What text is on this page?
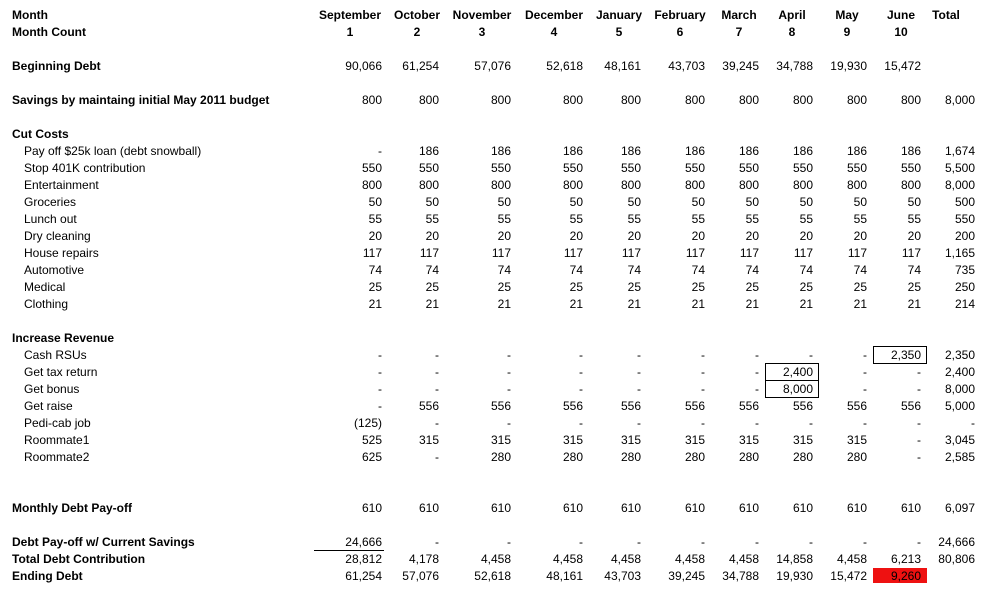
Month	September	October	November	December	January	February	March	April	May	June	Total
Month Count	1	2	3	4	5	6	7	8	9	10
Beginning Debt	90,066	61,254	57,076	52,618	48,161	43,703	39,245	34,788	19,930	15,472
Savings by maintaing initial May 2011 budget	800	800	800	800	800	800	800	800	800	800	8,000
Cut Costs
Pay off $25k loan (debt snowball)	-	186	186	186	186	186	186	186	186	186	1,674
Stop 401K contribution	550	550	550	550	550	550	550	550	550	550	5,500
Entertainment	800	800	800	800	800	800	800	800	800	800	8,000
Groceries	50	50	50	50	50	50	50	50	50	50	500
Lunch out	55	55	55	55	55	55	55	55	55	55	550
Dry cleaning	20	20	20	20	20	20	20	20	20	20	200
House repairs	117	117	117	117	117	117	117	117	117	117	1,165
Automotive	74	74	74	74	74	74	74	74	74	74	735
Medical	25	25	25	25	25	25	25	25	25	25	250
Clothing	21	21	21	21	21	21	21	21	21	21	214
Increase Revenue
Cash RSUs	-	-	-	-	-	-	-	-	-	2,350	2,350
Get tax return	-	-	-	-	-	-	-	2,400	-	-	2,400
Get bonus	-	-	-	-	-	-	-	8,000	-	-	8,000
Get raise	-	556	556	556	556	556	556	556	556	556	5,000
Pedi-cab job	(125)	-	-	-	-	-	-	-	-	-	-
Roommate1	525	315	315	315	315	315	315	315	315	-	3,045
Roommate2	625	-	280	280	280	280	280	280	280	-	2,585
Monthly Debt Pay-off	610	610	610	610	610	610	610	610	610	610	6,097
Debt Pay-off w/ Current Savings	24,666	-	-	-	-	-	-	-	-	-	24,666
Total Debt Contribution	28,812	4,178	4,458	4,458	4,458	4,458	4,458	14,858	4,458	6,213	80,806
Ending Debt	61,254	57,076	52,618	48,161	43,703	39,245	34,788	19,930	15,472	9,260
